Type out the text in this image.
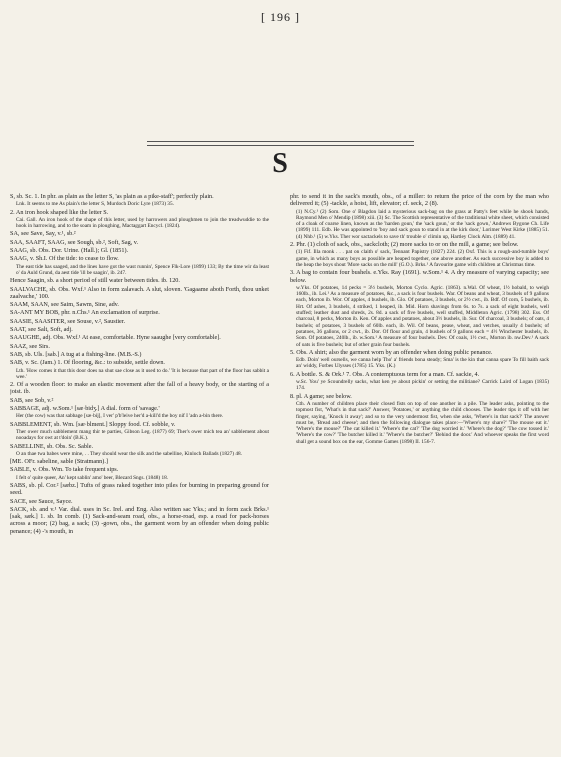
[ 196 ]
S

S, sb. Sc. 1. In phr. as plain as the letter S, 'as plain as a pike-staff'; perfectly plain.

Lnk. It seems to me As plain's the letter S, Murdoch Doric Lyre (1873) 35.

2. An iron hook shaped like the letter S.

Cai. Gall. An iron hook of the shape of this letter, used by harrowers and ploughmen to join the treadwuddie to the hook in harrowing, and to the soam in ploughing, Mactaggart Encycl. (1824).

SA, see Save, Say, v.¹, sb.²

SAA, SAAFT, SAAG, see Sough, sb.², Soft, Sag, v.

SAAG, sb. Obs. Dor. Urine. (Hall.); Gl. (1851).

SAAG, v. Sh.I. Of the tide: to cease to flow.

The east tide has saaged, and the lines have got the wast runnin', Spence Flk-Lore (1899) 133; By the time wir da least o' da Auld Grund, da aest tide 'ill be saagin', ib. 247.

Hence Saagin, sb. a short period of still water between tides. ib. 120.

SAALVACHE, sb. Obs. Wxf.¹ Also in form zalavach. A slut, sloven. 'Gagaame aboth Forth, thou unket zaalvache,' 100.

SAAM, SAAN, see Saim, Sawm, Sine, adv.

SA-ANT MY BOB, phr. n.Chs.¹ An exclamation of surprise.

SAASIE, SAASITER, see Souse, v.², Saustier.

SAAT, see Salt, Soft, adj.

SAAUGHE, adj. Obs. Wxf.¹ At ease, comfortable. Hyne saaughe [very comfortable].

SAAZ, see Sirs.

SAB, sb. Uls. [sab.] A tug at a fishing-line. (M.B.-S.)

SAB, v. Sc. (Jam.) 1. Of flooring, &c.: to subside, settle down.

Lth. 'How comes it that this door does na shut sae close as it used to do.' 'It is because that part of the floor has sabbit a wee.'

2. Of a wooden floor: to make an elastic movement after the fall of a heavy body, or the starting of a joist. ib.

SAB, see Sob, v.²

SABBAGE, adj. w.Som.¹ [sæ·bidʒ.] A dial. form of 'savage.'

Her (the cow) was that sabbage [sæ·bij], I ver' p'b'leive her'd a-kill'd the boy nif I 'adn a-bin there.

SABBLEMENT, sb. Wm. [sæ·blment.] Sloppy food. Cf. sobble, v.

Ther ower much sabblement mang thir te parties, Gibson Leg. (1877) 69; Ther's ower mich tea an' sabblement about nooadays for owt at t'doin' (B.K.).

SABELLINE, sb. Obs. Sc. Sable.

O an thae twa babes were mine, . . They should wear the silk and the sabelline, Kinloch Ballads (1827) 48.

[ME. OFr. sabeline, sable (Stratmann).]

SABLE, v. Obs. Wm. To take frequent sips.

I felt o' quite queer, An' kept sablin' amo' beer, Blezard Sngs. (1848) 18.

SABS, sb. pl. Cor.² [sæbz.] Tufts of grass raked together into piles for burning in preparing ground for seed.

SACE, see Sauce, Sayce.

SACK, sb. and v.¹ Var. dial. uses in Sc. Irel. and Eng. Also written sac Yks.; and in form zack Brks.¹ [sak, sæk.] 1. sb. In comb. (1) Sack-and-seam road, obs., a horse-road, esp. a road for pack-horses across a moor; (2) bag, a sack; (3) -gown, obs., the garment worn by an offender when doing public penance; (4) -'s mouth, in

phr. to send it in the sack's mouth, obs., of a miller: to return the price of the corn by the man who delivered it; (5) -tackle, a hoist, lift, elevator; cf. seck, 2 (8).

(1) N.Cy.¹ (2) Som. One o' Blagdon laid a mysterious sack-bag on the grass at Patty's feet while he shook hands, Raymond Men o' Mendip (1898) xiii. (3) Sc. The Scottish representative of the traditional white sheet, which consisted of a cloak of coarse linen, known as the 'harden goun,' the 'sack goun,' or the 'sack gown,' Andrews Bygone Ch. Life (1899) 111. Edb. He was appointed to 'boy and sack goun to stand in at the kirk door,' Lorimer West Kirke (1885) 51. (4) Nhb.¹ (5) w.Yks. Ther wor sactackels to save th' trouble o' climin up, Hartley Clock Alm. (1889) 41.

2. Phr. (1) cloth of sack, obs., sackcloth; (2) more sacks to or on the mill, a game; see below.

(1) Fif. Illa monk . . . pat on claith o' sack, Tennant Papistry (1827) 224. (2) Oxf. This is a rough-and-tumble boys' game, in which as many boys as possible are heaped together, one above another. As each successive boy is added to the heap the boys shout 'More sacks on the mill' (G.O.). Brks.¹ A favourite game with children at Christmas time.

3. A bag to contain four bushels. e.Yks. Ray (1691). w.Som.¹ 4. A dry measure of varying capacity; see below.

w.Yks. Of potatoes, 14 pecks = 3½ bushels, Morton Cyclo. Agric. (1863). n.Wal. Of wheat, 1½ hobald, to weigh 160lb., ib. Lei.¹ As a measure of potatoes, &c., a sack is four bushels. War. Of beans and wheat, 3 bushels of 9 gallons each, Morton ib. Wor. Of apples, 4 bushels, ib. Glo. Of potatoes, 3 bushels, or 2½ cwt., ib. Bdf. Of corn, 5 bushels, ib. Hrt. Of ashes, 3 bushels, 4 striked, 1 heaped, ib. Mid. Horn shavings from 6s. to 7s. a sack of eight bushels, well stuffed; leather dust and shreds, 2s. 8d. a sack of five bushels, well stuffed, Middleton Agric. (1798) 302. Ess. Of charcoal, 8 pecks, Morton ib. Ken. Of apples and potatoes, about 3½ bushels, ib. Sur. Of charcoal, 3 bushels; of oats, 4 bushels; of potatoes, 3 bushels of 60lb. each, ib. Wil. Of beans, pease, wheat, and vetches, usually 4 bushels; of potatoes, 36 gallons, or 2 cwt., ib. Dor. Of flour and grain, 4 bushels of 9 gallons each = 4½ Winchester bushels, ib. Som. Of potatoes, 240lb., ib. w.Som.¹ A measure of four bushels. Dev. Of coals, 1½ cwt., Morton ib. nw.Dev.¹ A sack of oats is five bushels; but of other grain four bushels.

5. Obs. A shirt; also the garment worn by an offender when doing public penance.

Edb. Doin' well oursells, we canna help Tho' a' friends bona steady; Sma' is the kin that canna spare To fill baith sack an' widdy, Forbes Ulysses (1785) 15. Yks. (K.)

6. A bottle. S. & Ork.¹ 7. Obs. A contemptuous term for a man. Cf. sackie, 4.

w.Sc. You' ye Scoundrelly sacks, what ken ye about pickin' or setting the militiane? Carrick Laird of Logan (1835) 174.

8. pl. A game; see below.

Cth. A number of children place their closed fists on top of one another in a pile. The leader asks, pointing to the topmost fist, 'What's in that sack?' Answer, 'Potatoes,' or anything the child chooses. The leader tips it off with her finger, saying, 'Knock it away'; and so to the very undermost fist, when she asks, 'Where's in that sack?' The answer must be, 'Bread and cheese'; and then the following dialogue takes place:—'Where's my share?' 'The mouse eat it.' 'Where's the mouse?' 'The cat killed it.' 'Where's the cat?' 'The dog worried it.' 'Where's the dog?' 'The cow tossed it.' 'Where's the cow?' 'The butcher killed it.' 'Where's the butcher?' 'Behind the door.' And whoever speaks the first word shall get a sound box on the ear, Gomme Games (1898) II. 156-7.
